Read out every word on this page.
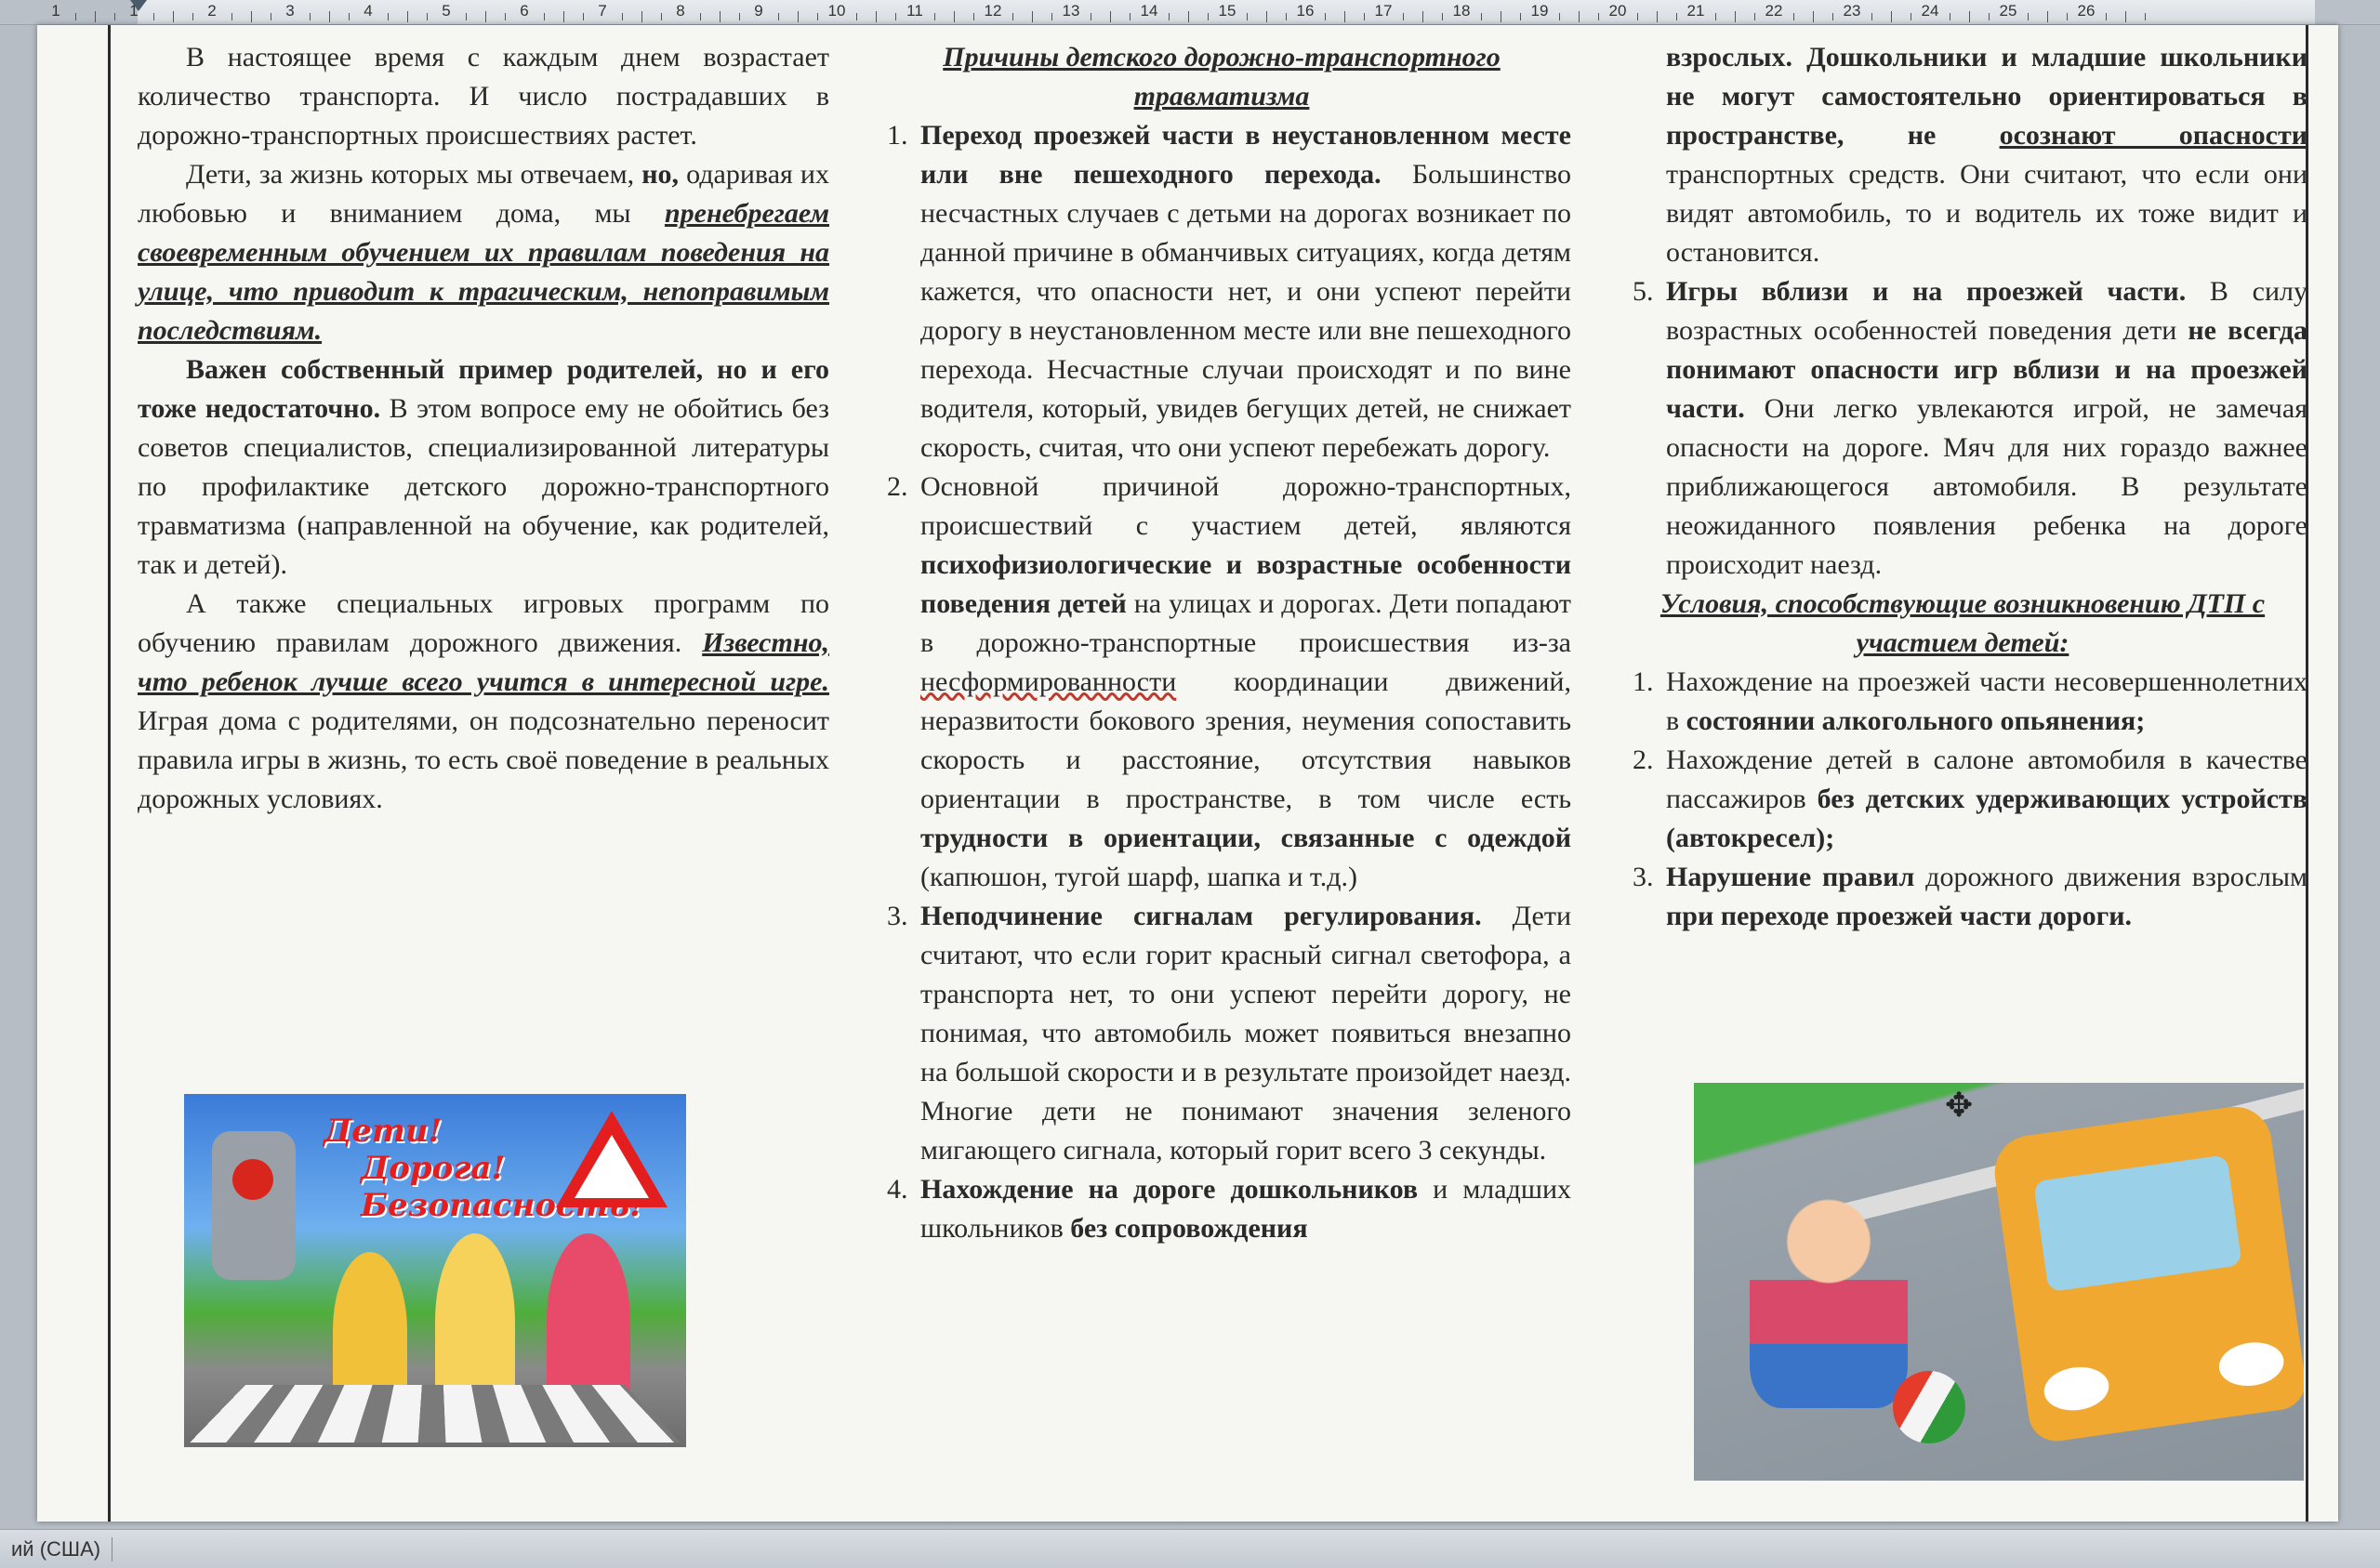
1	1	2	3	4	5	6	7	8	9	10	11	12	13	14	15	16	17	18	19	20	21	22	23	24	25	26

В настоящее время с каждым днем возрастает количество транспорта. И число пострадавших в дорожно-транспортных происшествиях растет.

Дети, за жизнь которых мы отвечаем, но, одаривая их любовью и вниманием дома, мы пренебрегаем своевременным обучением их правилам поведения на улице, что приводит к трагическим, непоправимым последствиям.

Важен собственный пример родителей, но и его тоже недостаточно. В этом вопросе ему не обойтись без советов специалистов, специализированной литературы по профилактике детского дорожно-транспортного травматизма (направленной на обучение, как родителей, так и детей).

А также специальных игровых программ по обучению правилам дорожного движения. Известно, что ребенок лучше всего учится в интересной игре. Играя дома с родителями, он подсознательно переносит правила игры в жизнь, то есть своё поведение в реальных дорожных условиях.

Дети!
Дорога!
Безопасность!

Причины детского дорожно-транспортного травматизма

1. Переход проезжей части в неустановленном месте или вне пешеходного перехода. Большинство несчастных случаев с детьми на дорогах возникает по данной причине в обманчивых ситуациях, когда детям кажется, что опасности нет, и они успеют перейти дорогу в неустановленном месте или вне пешеходного перехода. Несчастные случаи происходят и по вине водителя, который, увидев бегущих детей, не снижает скорость, считая, что они успеют перебежать дорогу.
2. Основной причиной дорожно-транспортных, происшествий с участием детей, являются психофизиологические и возрастные особенности поведения детей на улицах и дорогах. Дети попадают в дорожно-транспортные происшествия из-за несформированности координации движений, неразвитости бокового зрения, неумения сопоставить скорость и расстояние, отсутствия навыков ориентации в пространстве, в том числе есть трудности в ориентации, связанные с одеждой (капюшон, тугой шарф, шапка и т.д.)
3. Неподчинение сигналам регулирования. Дети считают, что если горит красный сигнал светофора, а транспорта нет, то они успеют перейти дорогу, не понимая, что автомобиль может появиться внезапно на большой скорости и в результате произойдет наезд. Многие дети не понимают значения зеленого мигающего сигнала, который горит всего 3 секунды.
4. Нахождение на дороге дошкольников и младших школьников без сопровождения

взрослых. Дошкольники и младшие школьники не могут самостоятельно ориентироваться в пространстве, не осознают опасности транспортных средств. Они считают, что если они видят автомобиль, то и водитель их тоже видит и остановится.

5. Игры вблизи и на проезжей части. В силу возрастных особенностей поведения дети не всегда понимают опасности игр вблизи и на проезжей части. Они легко увлекаются игрой, не замечая опасности на дороге. Мяч для них гораздо важнее приближающегося автомобиля. В результате неожиданного появления ребенка на дороге происходит наезд.

Условия, способствующие возникновению ДТП с участием детей:

1. Нахождение на проезжей части несовершеннолетних в состоянии алкогольного опьянения;
2. Нахождение детей в салоне автомобиля в качестве пассажиров без детских удерживающих устройств (автокресел);
3. Нарушение правил дорожного движения взрослым при переходе проезжей части дороги.
✥
ий (США)
